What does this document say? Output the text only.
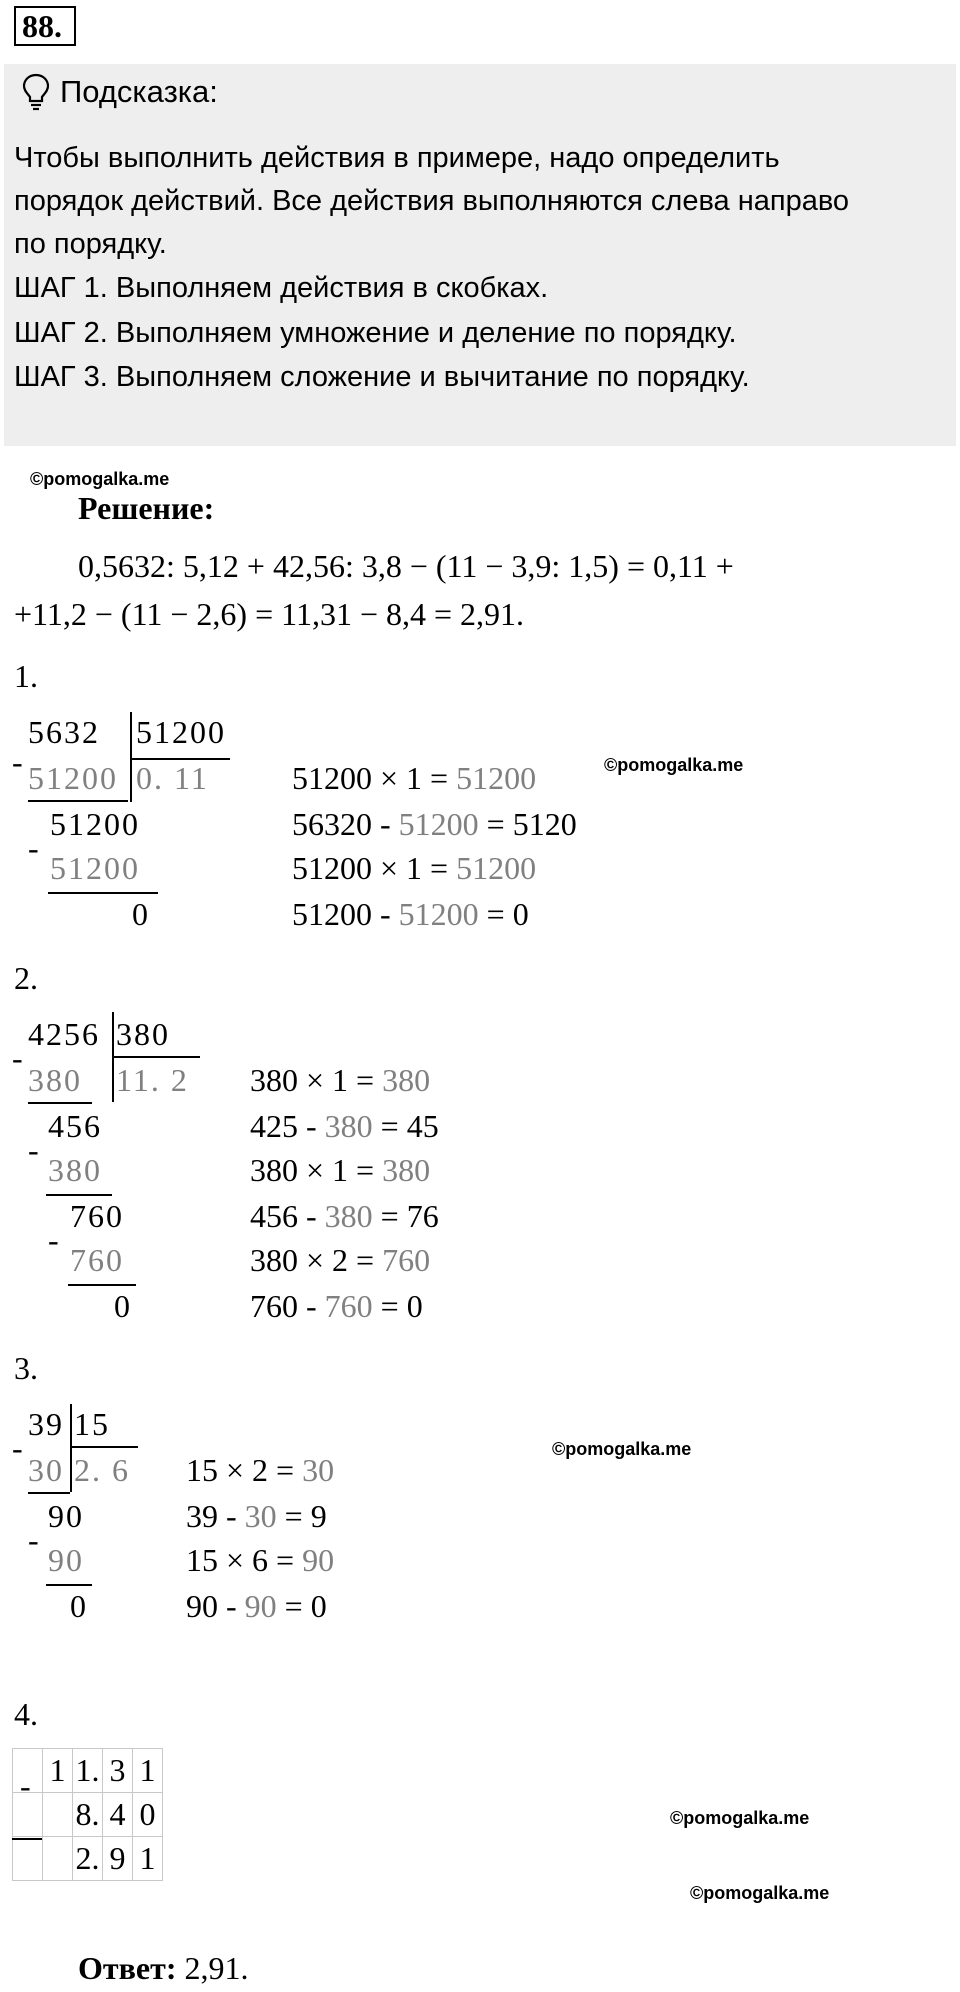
88.
Подсказка:
Чтобы выполнить действия в примере, надо определить
порядок действий. Все действия выполняются слева направо
по порядку.
ШАГ 1. Выполняем действия в скобках.
ШАГ 2. Выполняем умножение и деление по порядку.
ШАГ 3. Выполняем сложение и вычитание по порядку.
©pomogalka.me
©pomogalka.me
©pomogalka.me
©pomogalka.me
©pomogalka.me
Решение:
0,5632: 5,12 + 42,56: 3,8 − (11 − 3,9: 1,5) = 0,11 +
+11,2 − (11 − 2,6) = 11,31 − 8,4 = 2,91.
1.
5632 51200
- 51200 0. 11
51200
-
51200
0
51200 × 1 = 51200
56320 - 51200 = 5120
51200 × 1 = 51200
51200 - 51200 = 0
2.
4256 380
-
380 11. 2
456
-
380
760
-
760
0
380 × 1 = 380
425 - 380 = 45
380 × 1 = 380
456 - 380 = 76
380 × 2 = 760
760 - 760 = 0
3.
39 15
-
30 2. 6
90
-
90
0
15 × 2 = 30
39 - 30 = 9
15 × 6 = 90
90 - 90 = 0
4.
	1	1.	3	1
		8.	4	0
		2.	9	1
-
Ответ: 2,91.
